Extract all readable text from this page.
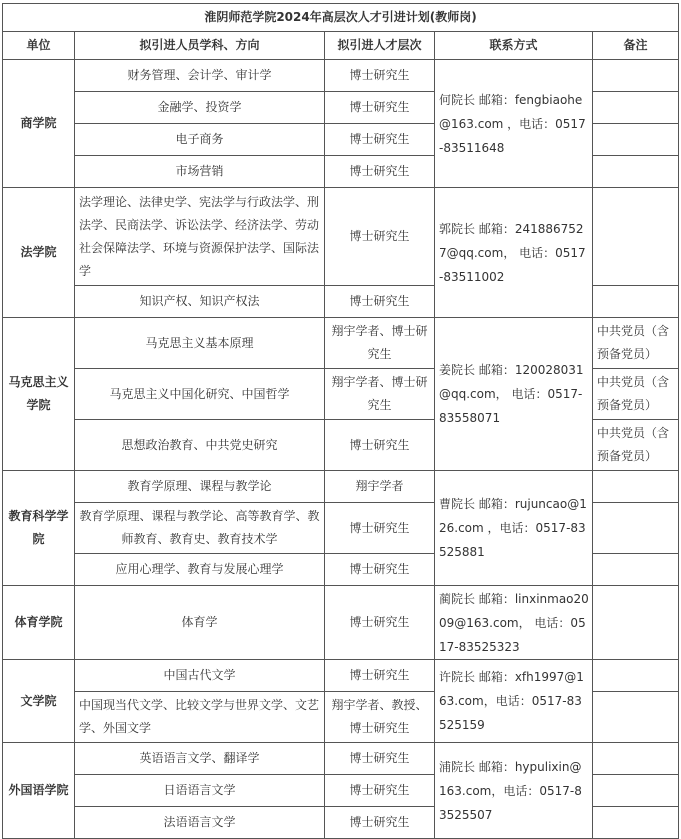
淮阴师范学院2024年高层次人才引进计划(教师岗)				
单位	拟引进人员学科、方向	拟引进人才层次	联系方式	备注
商学院	财务管理、会计学、审计学	博士研究生	何院长 邮箱：fengbiaohe@163.com ，电话：0517-83511648	
	金融学、投资学	博士研究生		
	电子商务	博士研究生		
	市场营销	博士研究生		
法学院	法学理论、法律史学、宪法学与行政法学、刑法学、民商法学、诉讼法学、经济法学、劳动社会保障法学、环境与资源保护法学、国际法学	博士研究生	郭院长 邮箱：2418867527@qq.com， 电话：0517-83511002	
	知识产权、知识产权法	博士研究生		
马克思主义学院	马克思主义基本原理	翔宇学者、博士研究生	姜院长 邮箱：120028031@qq.com， 电话：0517-83558071	中共党员（含预备党员）
	马克思主义中国化研究、中国哲学	翔宇学者、博士研究生		中共党员（含预备党员）
	思想政治教育、中共党史研究	博士研究生		中共党员（含预备党员）
教育科学学院	教育学原理、课程与教学论	翔宇学者	曹院长 邮箱：rujuncao@126.com ，电话：0517-83525881	
	教育学原理、课程与教学论、高等教育学、教师教育、教育史、教育技术学	博士研究生		
	应用心理学、教育与发展心理学	博士研究生		
体育学院	体育学	博士研究生	蔺院长 邮箱：linxinmao2009@163.com， 电话：0517-83525323	
文学院	中国古代文学	博士研究生	许院长 邮箱：xfh1997@163.com，电话：0517-83525159	
	中国现当代文学、比较文学与世界文学、文艺学、外国文学	翔宇学者、教授、博士研究生		
外国语学院	英语语言文学、翻译学	博士研究生	浦院长 邮箱：hypulixin@163.com，电话：0517-83525507	
	日语语言文学	博士研究生		
	法语语言文学	博士研究生		
